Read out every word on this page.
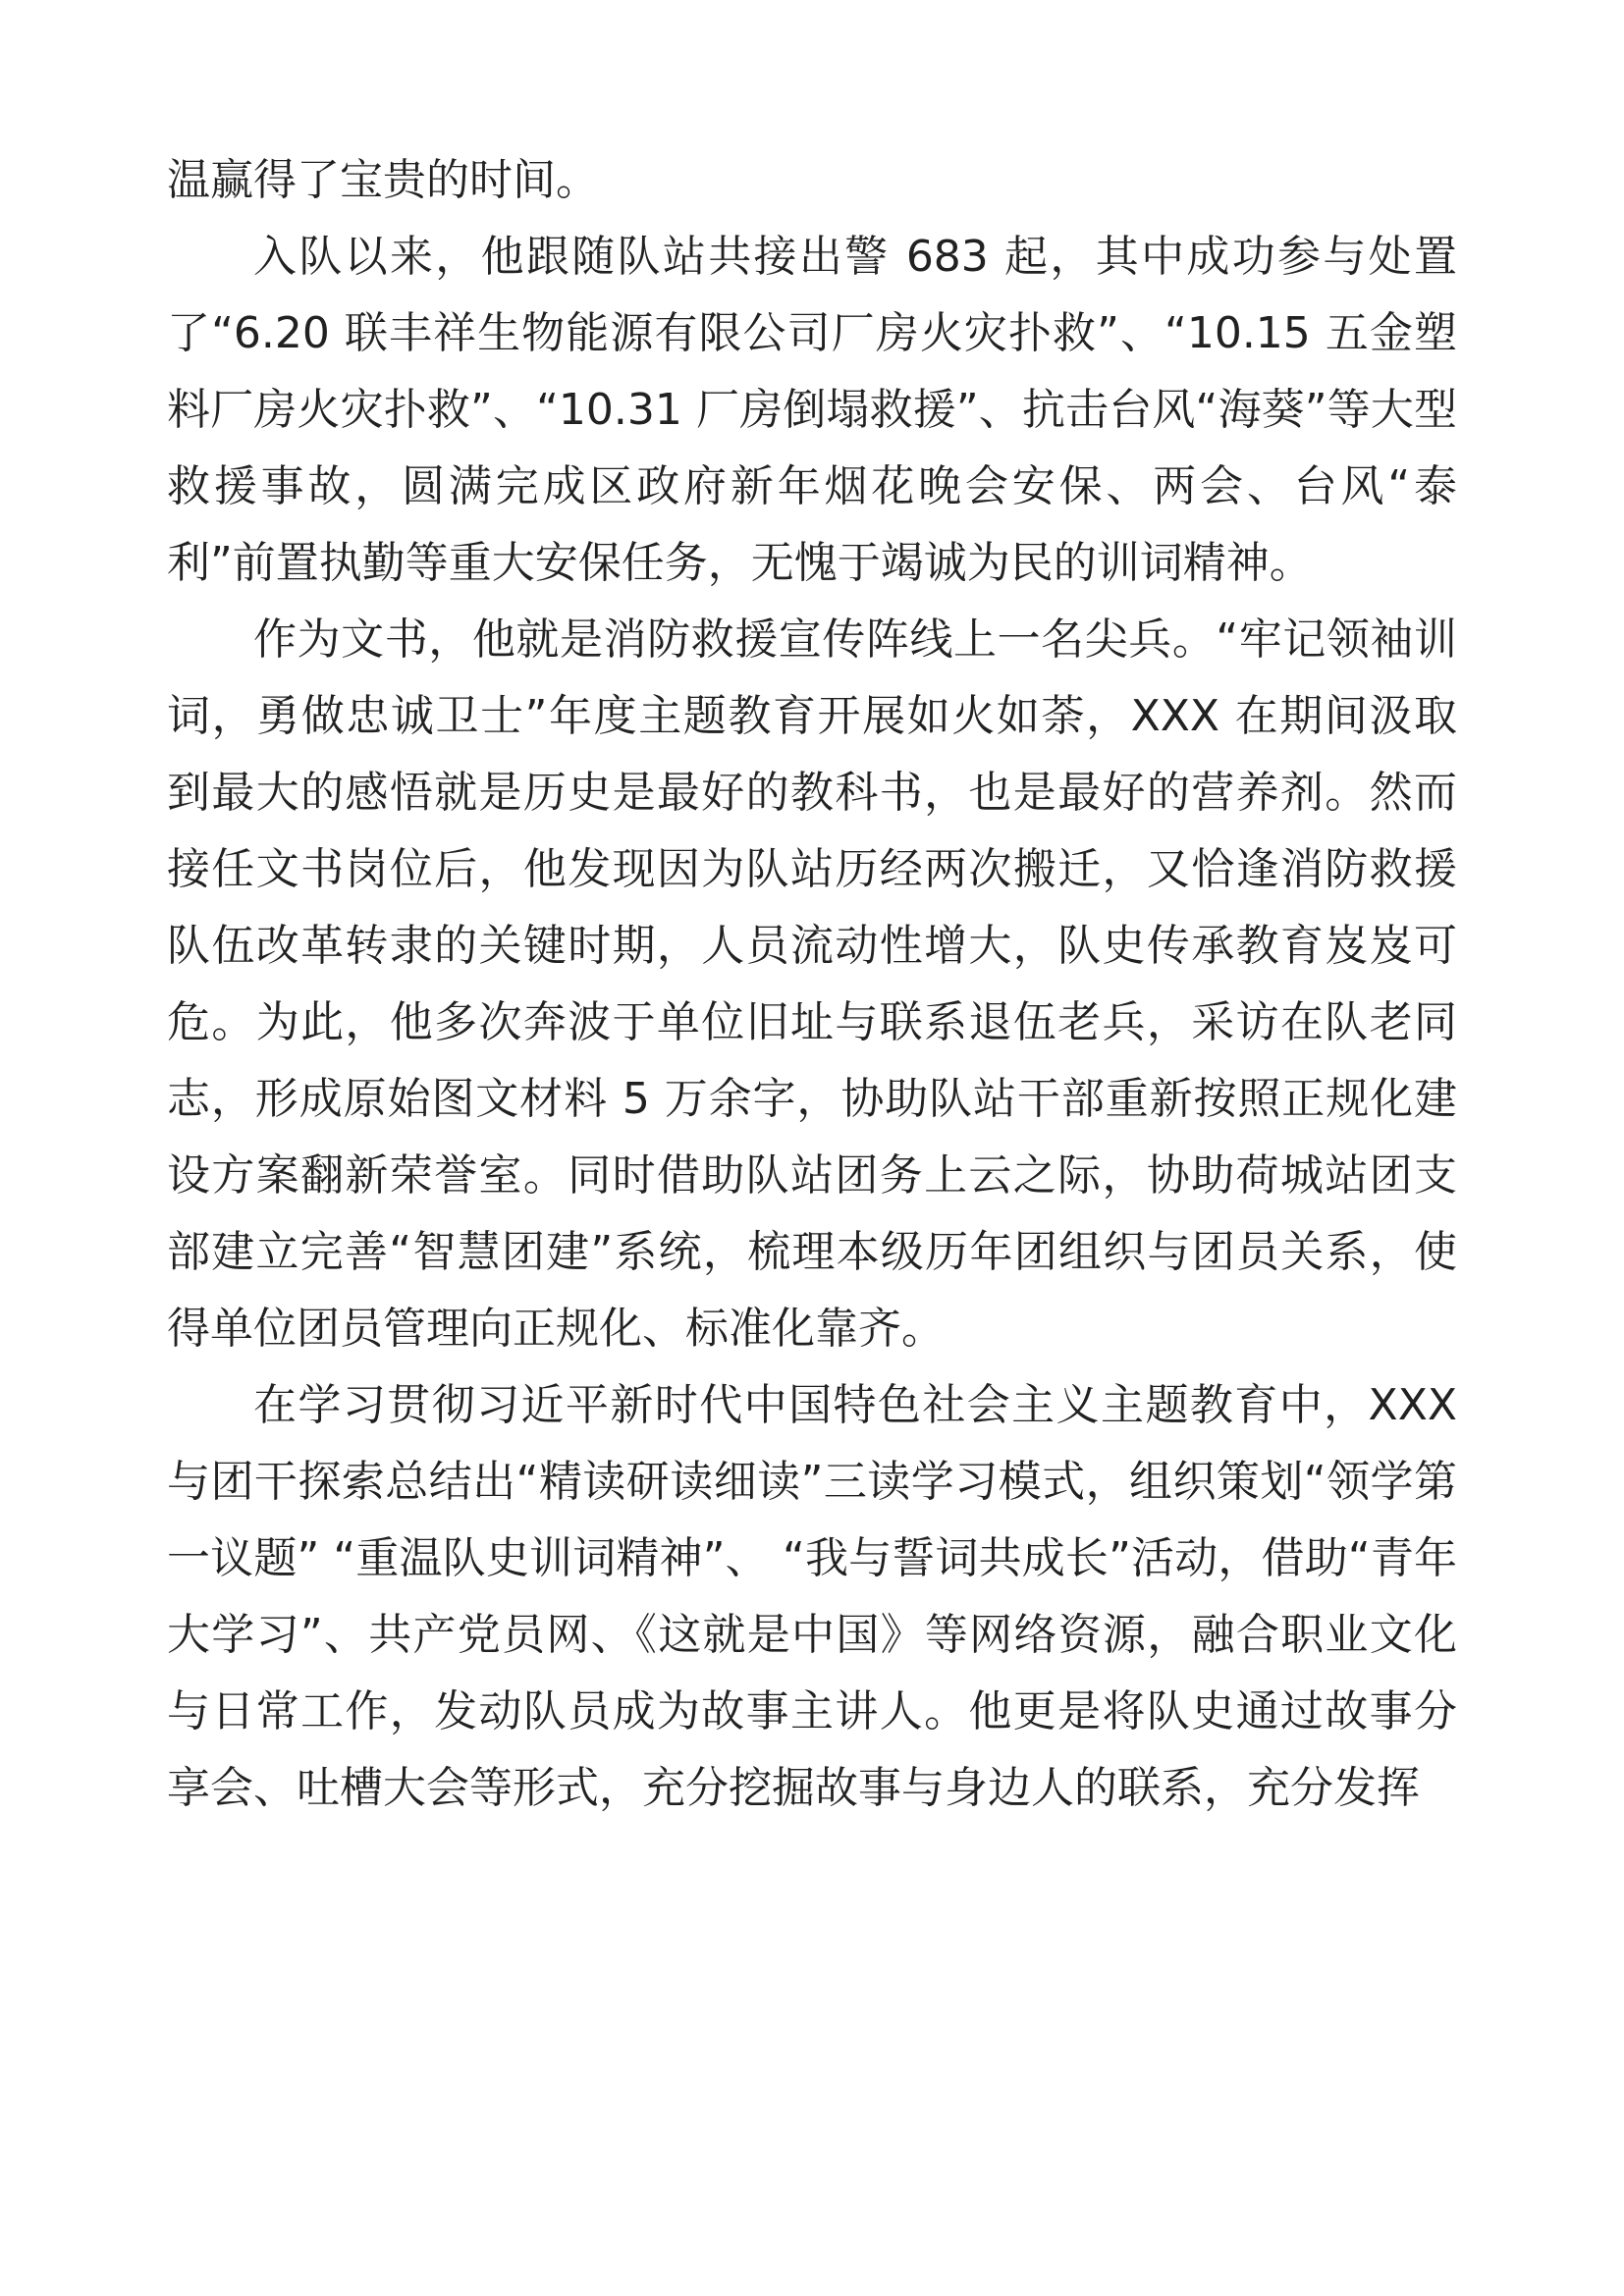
温赢得了宝贵的时间。

入队以来，他跟随队站共接出警 683 起，其中成功参与处置了“6.20 联丰祥生物能源有限公司厂房火灾扑救”、“10.15 五金塑料厂房火灾扑救”、“10.31 厂房倒塌救援”、抗击台风“海葵”等大型救援事故，圆满完成区政府新年烟花晚会安保、两会、台风“泰利”前置执勤等重大安保任务，无愧于竭诚为民的训词精神。

作为文书，他就是消防救援宣传阵线上一名尖兵。“牢记领袖训词，勇做忠诚卫士”年度主题教育开展如火如荼，XXX 在期间汲取到最大的感悟就是历史是最好的教科书，也是最好的营养剂。然而接任文书岗位后，他发现因为队站历经两次搬迁，又恰逢消防救援队伍改革转隶的关键时期，人员流动性增大，队史传承教育岌岌可危。为此，他多次奔波于单位旧址与联系退伍老兵，采访在队老同志，形成原始图文材料 5 万余字，协助队站干部重新按照正规化建设方案翻新荣誉室。同时借助队站团务上云之际，协助荷城站团支部建立完善“智慧团建”系统，梳理本级历年团组织与团员关系，使得单位团员管理向正规化、标准化靠齐。

在学习贯彻习近平新时代中国特色社会主义主题教育中，XXX 与团干探索总结出“精读研读细读”三读学习模式，组织策划“领学第一议题” “重温队史训词精神”、 “我与誓词共成长”活动，借助“青年大学习”、共产党员网、《这就是中国》等网络资源，融合职业文化与日常工作，发动队员成为故事主讲人。他更是将队史通过故事分享会、吐槽大会等形式，充分挖掘故事与身边人的联系，充分发挥
